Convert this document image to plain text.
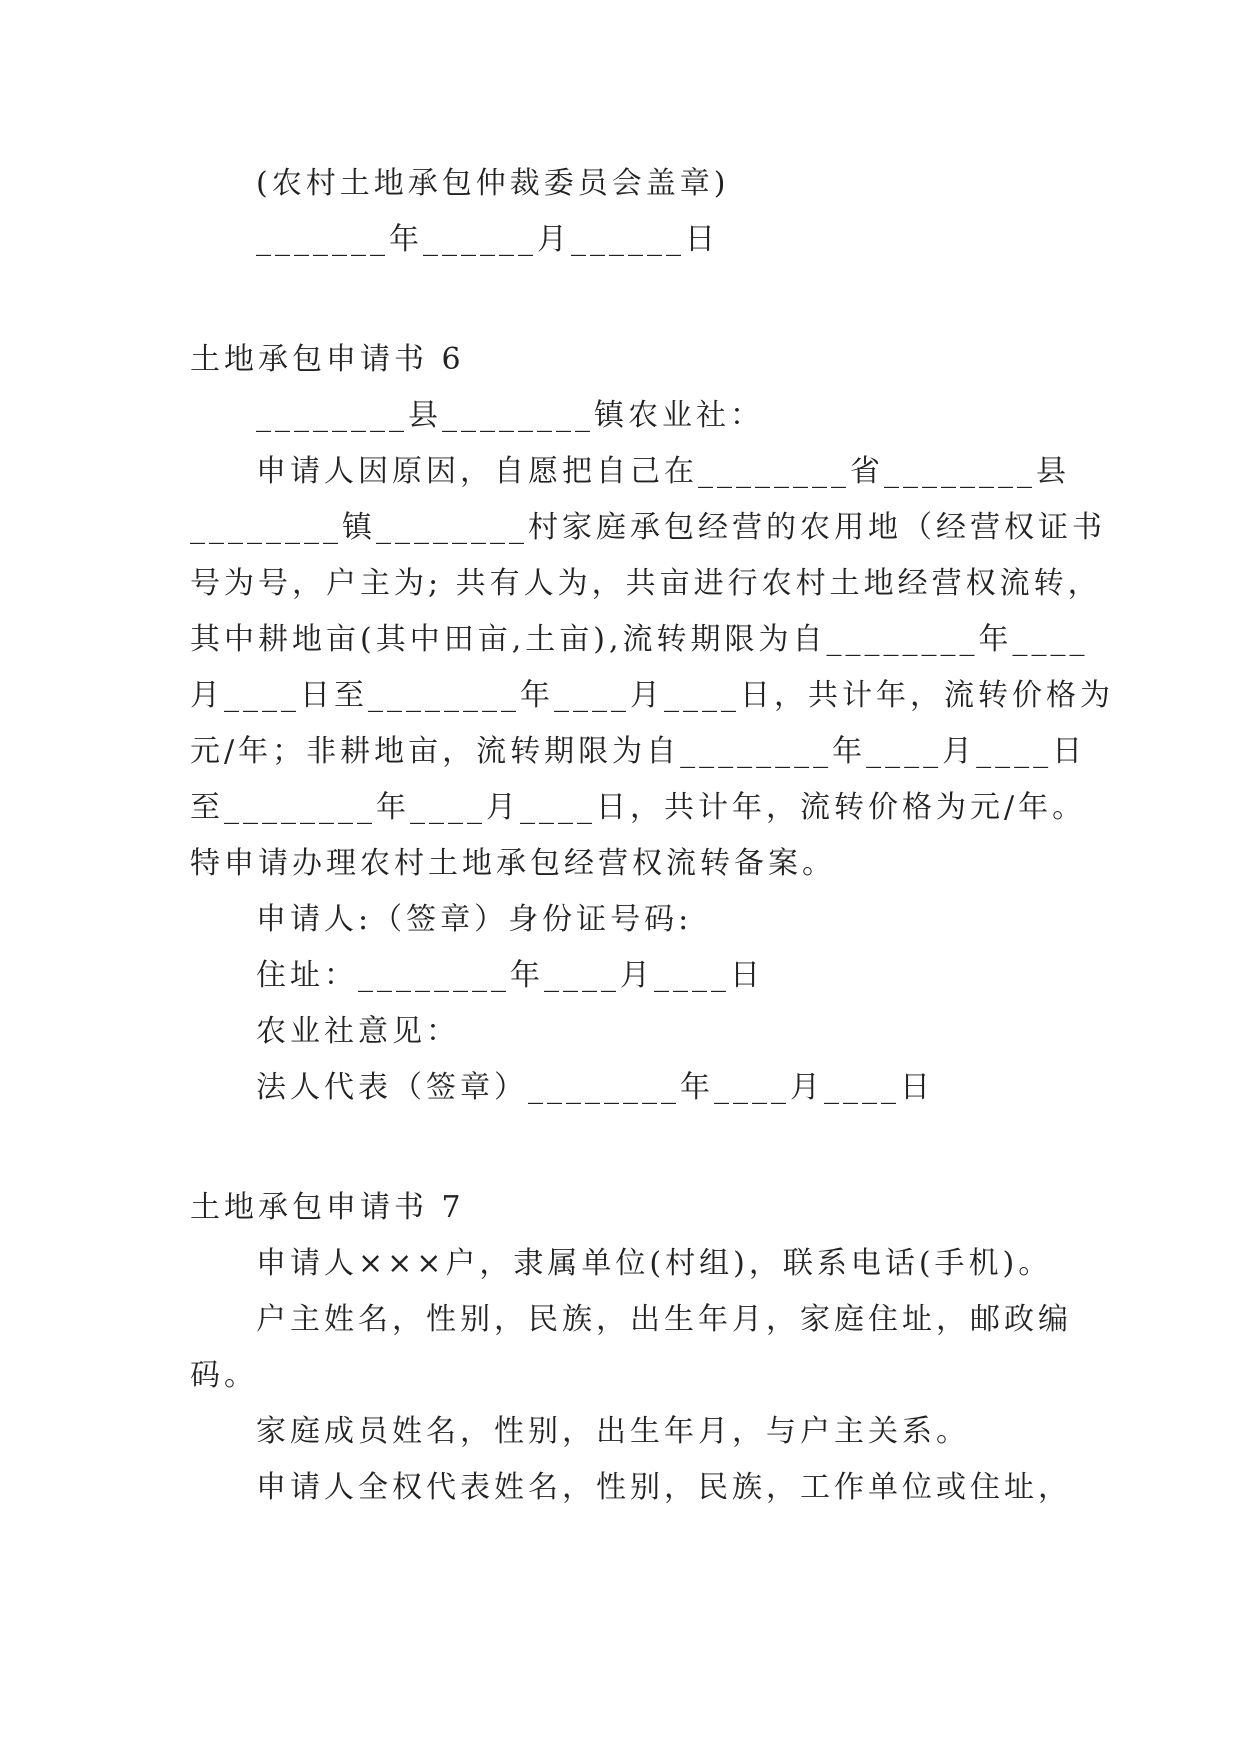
(农村土地承包仲裁委员会盖章)
_______年______月______日
土地承包申请书 6
________县________镇农业社：
申请人因原因，自愿把自己在________省________县
________镇________村家庭承包经营的农用地（经营权证书
号为号，户主为; 共有人为，共亩进行农村土地经营权流转，
其中耕地亩(其中田亩,土亩),流转期限为自________年____
月____日至________年____月____日，共计年，流转价格为
元/年；非耕地亩，流转期限为自________年____月____日
至________年____月____日，共计年，流转价格为元/年。
特申请办理农村土地承包经营权流转备案。
申请人:（签章）身份证号码:
住址：________年____月____日
农业社意见：
法人代表（签章）________年____月____日
土地承包申请书 7
申请人×××户，隶属单位(村组)，联系电话(手机)。
户主姓名，性别，民族，出生年月，家庭住址，邮政编
码。
家庭成员姓名，性别，出生年月，与户主关系。
申请人全权代表姓名，性别，民族，工作单位或住址，
